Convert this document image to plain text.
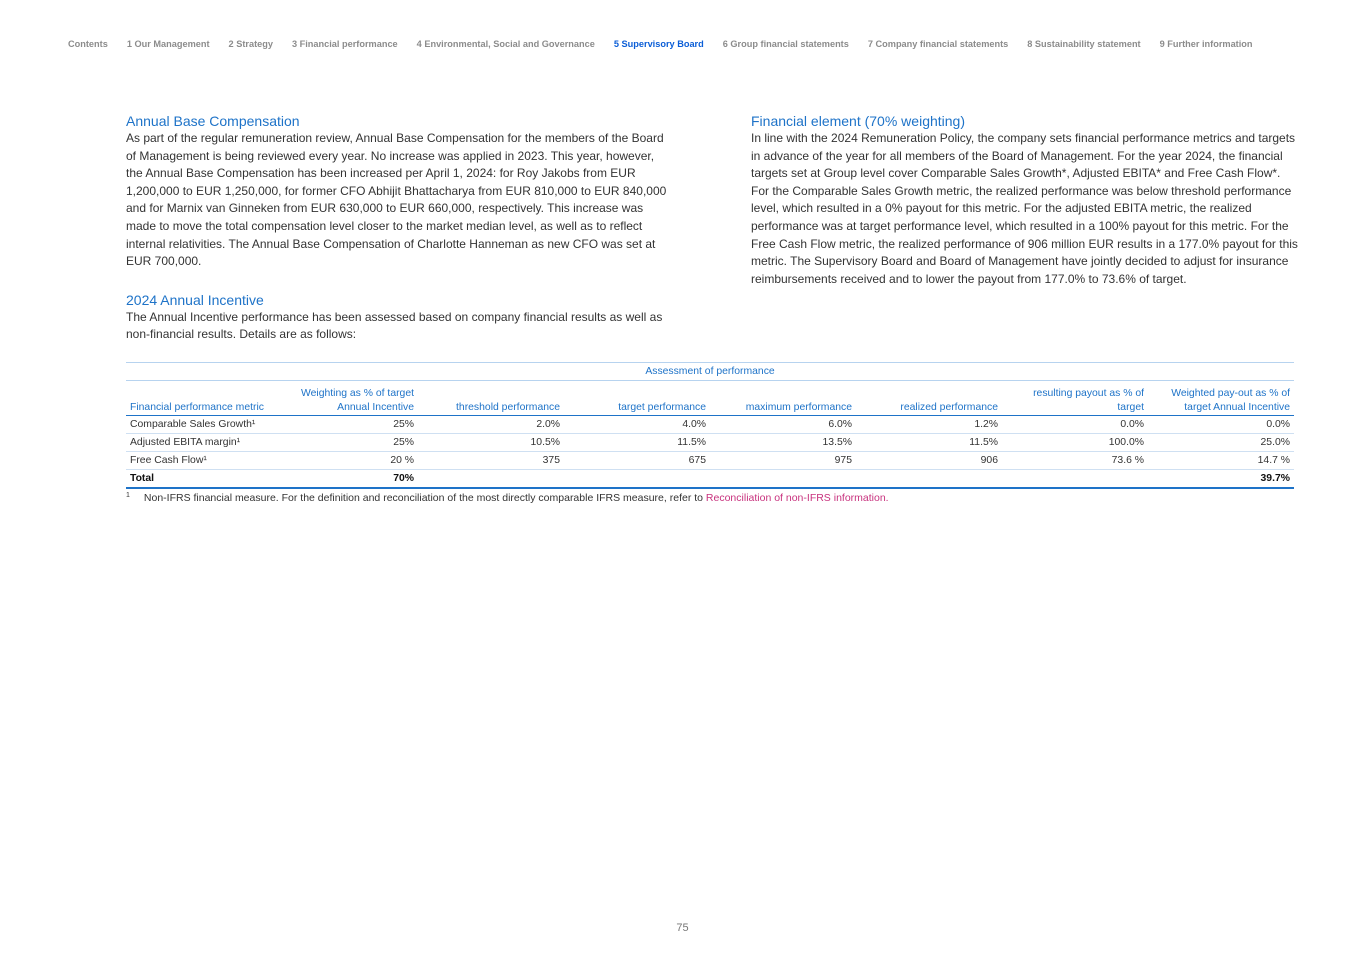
Contents 1 Our Management 2 Strategy 3 Financial performance 4 Environmental, Social and Governance 5 Supervisory Board 6 Group financial statements 7 Company financial statements 8 Sustainability statement 9 Further information
Annual Base Compensation

As part of the regular remuneration review, Annual Base Compensation for the members of the Board of Management is being reviewed every year. No increase was applied in 2023. This year, however, the Annual Base Compensation has been increased per April 1, 2024: for Roy Jakobs from EUR 1,200,000 to EUR 1,250,000, for former CFO Abhijit Bhattacharya from EUR 810,000 to EUR 840,000 and for Marnix van Ginneken from EUR 630,000 to EUR 660,000, respectively. This increase was made to move the total compensation level closer to the market median level, as well as to reflect internal relativities. The Annual Base Compensation of Charlotte Hanneman as new CFO was set at EUR 700,000.

2024 Annual Incentive

The Annual Incentive performance has been assessed based on company financial results as well as non-financial results. Details are as follows:

Financial element (70% weighting)

In line with the 2024 Remuneration Policy, the company sets financial performance metrics and targets in advance of the year for all members of the Board of Management. For the year 2024, the financial targets set at Group level cover Comparable Sales Growth*, Adjusted EBITA* and Free Cash Flow*. For the Comparable Sales Growth metric, the realized performance was below threshold performance level, which resulted in a 0% payout for this metric. For the adjusted EBITA metric, the realized performance was at target performance level, which resulted in a 100% payout for this metric. For the Free Cash Flow metric, the realized performance of 906 million EUR results in a 177.0% payout for this metric. The Supervisory Board and Board of Management have jointly decided to adjust for insurance reimbursements received and to lower the payout from 177.0% to 73.6% of target.

		Assessment of performance					
Financial performance metric	Weighting as % of target Annual Incentive	threshold performance	target performance	maximum performance	realized performance	resulting payout as % of target	Weighted pay-out as % of target Annual Incentive
Comparable Sales Growth¹	25%	2.0%	4.0%	6.0%	1.2%	0.0%	0.0%
Adjusted EBITA margin¹	25%	10.5%	11.5%	13.5%	11.5%	100.0%	25.0%
Free Cash Flow¹	20 %	375	675	975	906	73.6 %	14.7 %
Total	70%						39.7%
$^1$ Non-IFRS financial measure. For the definition and reconciliation of the most directly comparable IFRS measure, refer to Reconciliation of non-IFRS information.
75
